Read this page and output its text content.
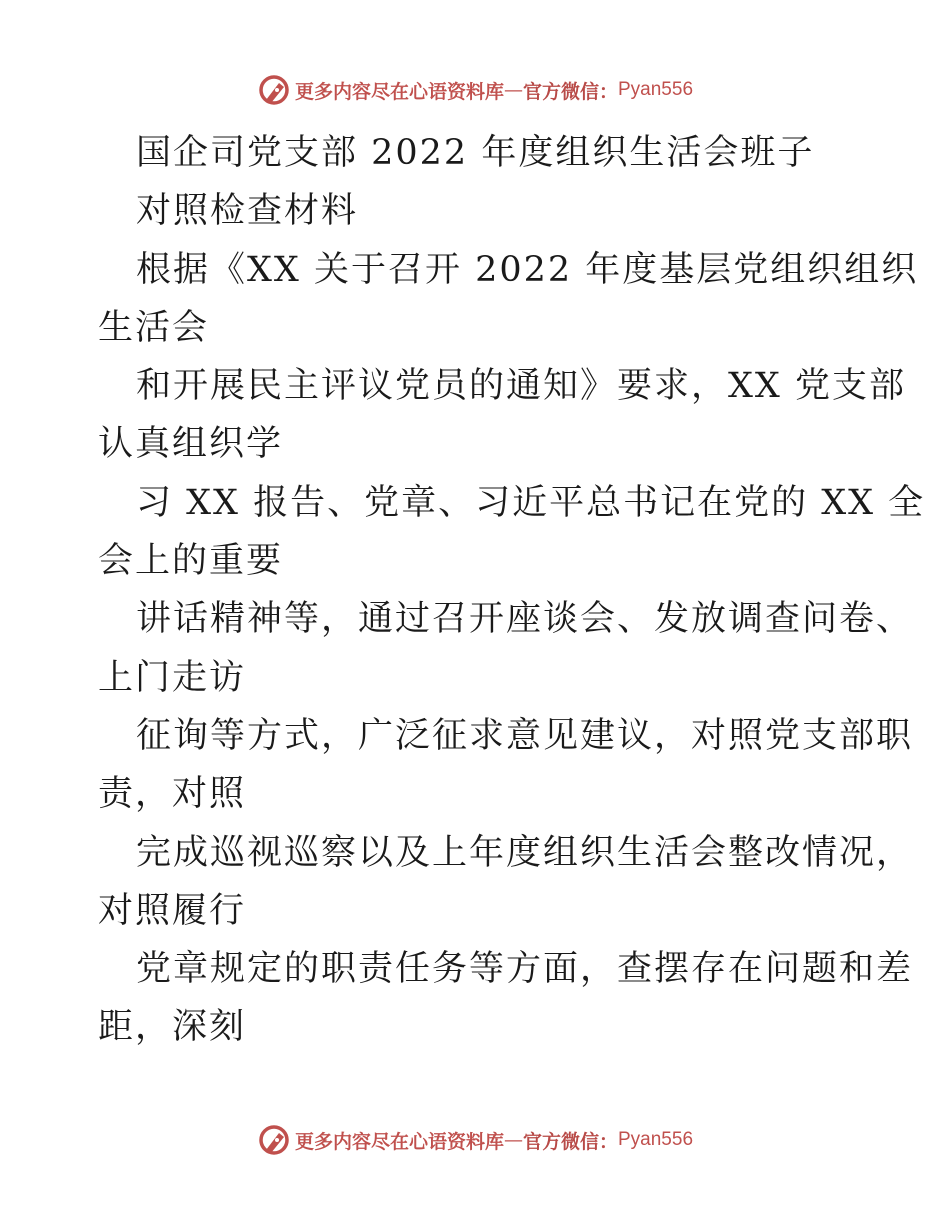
更多内容尽在心语资料库 — 官方微信： Pyan556
国企司党支部 2022 年度组织生活会班子
对照检查材料
根据《XX 关于召开 2022 年度基层党组织组织
生活会
和开展民主评议党员的通知》要求，XX 党支部
认真组织学
习 XX 报告、党章、习近平总书记在党的 XX 全
会上的重要
讲话精神等，通过召开座谈会、发放调查问卷、
上门走访
征询等方式，广泛征求意见建议，对照党支部职
责，对照
完成巡视巡察以及上年度组织生活会整改情况，
对照履行
党章规定的职责任务等方面，查摆存在问题和差
距，深刻
更多内容尽在心语资料库 — 官方微信： Pyan556
